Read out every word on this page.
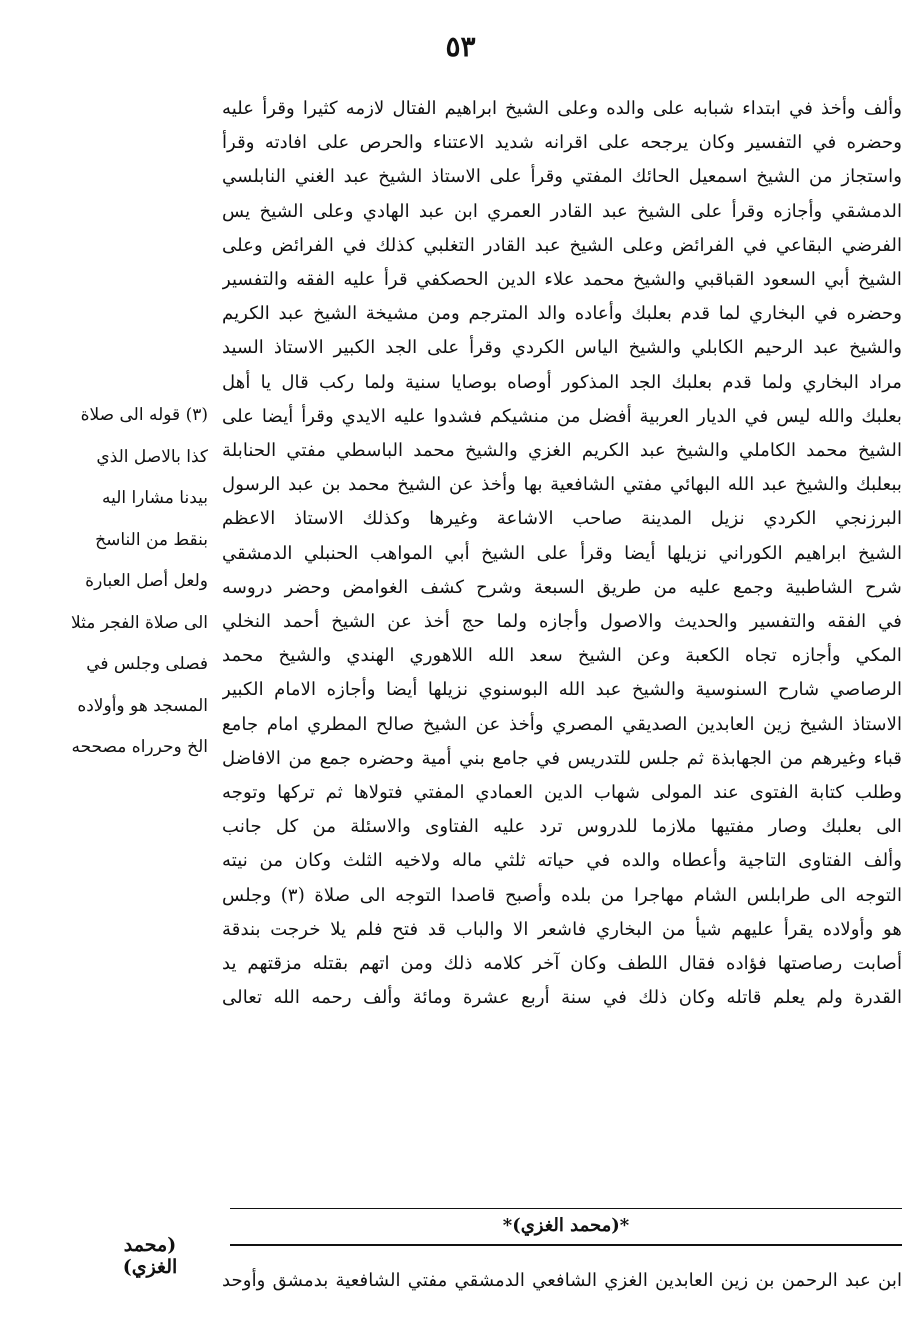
٥٣
وألف وأخذ في ابتداء شبابه على والده وعلى الشيخ ابراهيم الفتال لازمه كثيرا وقرأ عليه
وحضره في التفسير وكان يرجحه على اقرانه شديد الاعتناء والحرص على افادته وقرأ
واستجاز من الشيخ اسمعيل الحائك المفتي وقرأ على الاستاذ الشيخ عبد الغني النابلسي
الدمشقي وأجازه وقرأ على الشيخ عبد القادر العمري ابن عبد الهادي وعلى الشيخ يس
الفرضي البقاعي في الفرائض وعلى الشيخ عبد القادر التغلبي كذلك في الفرائض وعلى
الشيخ أبي السعود القباقبي والشيخ محمد علاء الدين الحصكفي قرأ عليه الفقه والتفسير
وحضره في البخاري لما قدم بعلبك وأعاده والد المترجم ومن مشيخة الشيخ عبد الكريم
والشيخ عبد الرحيم الكابلي والشيخ الياس الكردي وقرأ على الجد الكبير الاستاذ السيد
مراد البخاري ولما قدم بعلبك الجد المذكور أوصاه بوصايا سنية ولما ركب قال يا أهل
بعلبك والله ليس في الديار العربية أفضل من منشيكم فشدوا عليه الايدي وقرأ أيضا على
الشيخ محمد الكاملي والشيخ عبد الكريم الغزي والشيخ محمد الباسطي مفتي الحنابلة
ببعلبك والشيخ عبد الله البهائي مفتي الشافعية بها وأخذ عن الشيخ محمد بن عبد الرسول
البرزنجي الكردي نزيل المدينة صاحب الاشاعة وغيرها وكذلك الاستاذ الاعظم
الشيخ ابراهيم الكوراني نزيلها أيضا وقرأ على الشيخ أبي المواهب الحنبلي الدمشقي
شرح الشاطبية وجمع عليه من طريق السبعة وشرح كشف الغوامض وحضر دروسه
في الفقه والتفسير والحديث والاصول وأجازه ولما حج أخذ عن الشيخ أحمد النخلي
المكي وأجازه تجاه الكعبة وعن الشيخ سعد الله اللاهوري الهندي والشيخ محمد
الرصاصي شارح السنوسية والشيخ عبد الله البوسنوي نزيلها أيضا وأجازه الامام الكبير
الاستاذ الشيخ زين العابدين الصديقي المصري وأخذ عن الشيخ صالح المطري امام جامع
قباء وغيرهم من الجهابذة ثم جلس للتدريس في جامع بني أمية وحضره جمع من الافاضل
وطلب كتابة الفتوى عند المولى شهاب الدين العمادي المفتي فتولاها ثم تركها وتوجه
الى بعلبك وصار مفتيها ملازما للدروس ترد عليه الفتاوى والاسئلة من كل جانب
وألف الفتاوى التاجية وأعطاه والده في حياته ثلثي ماله ولاخيه الثلث وكان من نيته
التوجه الى طرابلس الشام مهاجرا من بلده وأصبح قاصدا التوجه الى صلاة (٣) وجلس
هو وأولاده يقرأ عليهم شيأ من البخاري فاشعر الا والباب قد فتح فلم يلا خرجت بندقة
أصابت رصاصتها فؤاده فقال اللطف وكان آخر كلامه ذلك ومن اتهم بقتله مزقتهم يد
القدرة ولم يعلم قاتله وكان ذلك في سنة أربع عشرة ومائة وألف رحمه الله تعالى
(٣) قوله الى صلاة
كذا بالاصل الذي
بيدنا مشارا اليه
بنقط من الناسخ
ولعل أصل العبارة
الى صلاة الفجر مثلا
فصلى وجلس في
المسجد هو وأولاده
الخ وحرراه مصححه
*(محمد الغزي)*
(محمد الغزي)
ابن عبد الرحمن بن زين العابدين الغزي الشافعي الدمشقي مفتي الشافعية بدمشق وأوحد
